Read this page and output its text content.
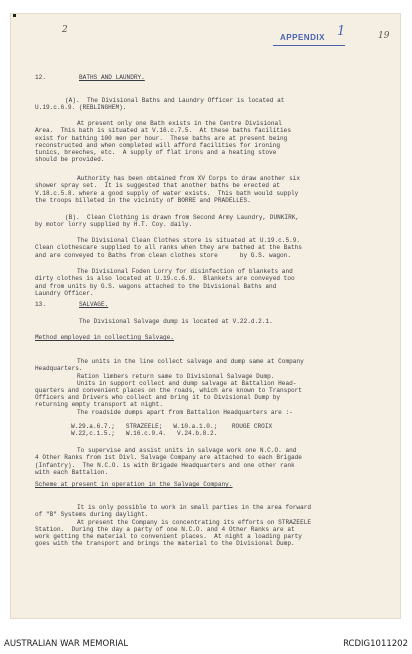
2
APPENDIX 1	19
12.	BATHS AND LAUNDRY.

(A).  The Divisional Baths and Laundry Officer is located at
U.19.c.6.9. (REBLINGHEM).

At present only one Bath exists in the Centre Divisional
Area.  This bath is situated at V.16.c.7.5.  At these baths facilities
exist for bathing 100 men per hour.  These baths are at present being
reconstructed and when completed will afford facilities for ironing
tunics, breeches, etc.  A supply of flat irons and a heating stove
should be provided.

Authority has been obtained from XV Corps to draw another six
shower spray set.  It is suggested that another baths be erected at
V.18.c.5.8. where a good supply of water exists.  This bath would supply
the troops billeted in the vicinity of BORRE and PRADELLES.

(B).  Clean Clothing is drawn from Second Army Laundry, DUNKIRK,
by motor lorry supplied by H.T. Coy. daily.

The Divisional Clean Clothes store is situated at U.19.c.5.9.
Clean clothescare supplied to all ranks when they are bathed at the Baths
and are conveyed to Baths from clean clothes store      by G.S. wagon.

The Divisional Foden Lorry for disinfection of blankets and
dirty clothes is also located at U.19.c.6.9.  Blankets are conveyed too
and from units by G.S. wagons attached to the Divisional Baths and
Laundry Officer.
13.	SALVAGE.
The Divisional Salvage dump is located at V.22.d.2.1.
Method employed in collecting Salvage.

The units in the line collect salvage and dump same at Company
Headquarters.
Ration limbers return same to Divisional Salvage Dump.
Units in support collect and dump salvage at Battalion Head-
quarters and convenient places on the roads, which are known to Transport
Officers and Drivers who collect and bring it to Divisional Dump by
returning empty transport at night.
The roadside dumps apart from Battalion Headquarters are :-

W.29.a.6.7.;   STRAZEELE;   W.10.a.1.0.;    ROUGE CROIX
W.22,c.1.5.;   W.16.c.9.4.   V.24.b.8.2.

To supervise and assist units in salvage work one N.C.O. and
4 Other Ranks from 1st Divl. Salvage Company are attached to each Brigade
(Infantry).  The N.C.O. is with Brigade Headquarters and one other rank
with each Battalion.
Scheme at present in operation in the Salvage Company.

It is only possible to work in small parties in the area forward
of "B" Systems during daylight.
At present the Company is concentrating its efforts on STRAZEELE
Station.  During the day a party of one N.C.O. and 4 Other Ranks are at
work getting the material to convenient places.  At night a loading party
goes with the transport and brings the material to the Divisional Dump.
AUSTRALIAN WAR MEMORIAL	RCDIG1011202
